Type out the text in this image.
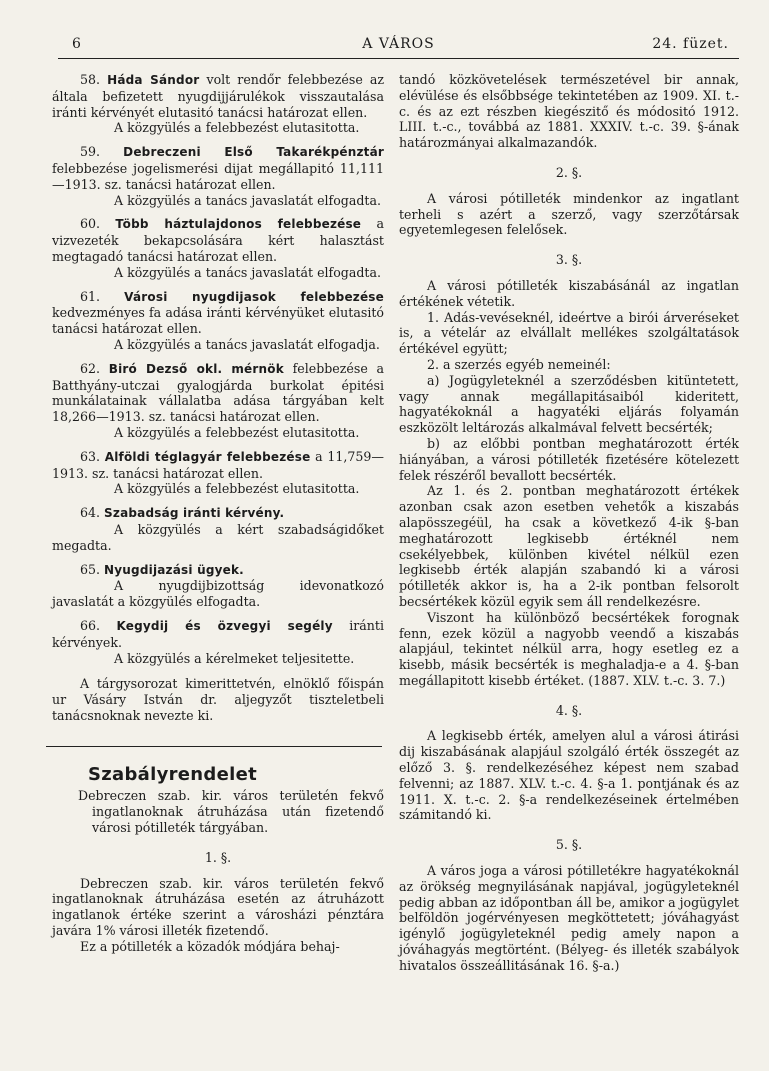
6	A VÁROS	24. füzet.

58. Háda Sándor volt rendőr felebbezése az általa befizetett nyugdijjárulékok visszautalása iránti kérvényét elutasitó tanácsi határozat ellen.

A közgyülés a felebbezést elutasitotta.

59. Debreczeni Első Takarékpénztár felebbezése jogelismerési dijat megállapitó 11,111—1913. sz. tanácsi határozat ellen.

A közgyülés a tanács javaslatát elfogadta.

60. Több háztulajdonos felebbezése a vizvezeték bekapcsolására kért halasztást megtagadó tanácsi határozat ellen.

A közgyülés a tanács javaslatát elfogadta.

61. Városi nyugdijasok felebbezése kedvezményes fa adása iránti kérvényüket elutasitó tanácsi határozat ellen.

A közgyülés a tanács javaslatát elfogadja.

62. Biró Dezső okl. mérnök felebbezése a Batthyány-utczai gyalogjárda burkolat épitési munkálatainak vállalatba adása tárgyában kelt 18,266—1913. sz. tanácsi határozat ellen.

A közgyülés a felebbezést elutasitotta.

63. Alföldi téglagyár felebbezése a 11,759—1913. sz. tanácsi határozat ellen.

A közgyülés a felebbezést elutasitotta.

64. Szabadság iránti kérvény.

A közgyülés a kért szabadságidőket megadta.

65. Nyugdijazási ügyek.

A nyugdijbizottság idevonatkozó javaslatát a közgyülés elfogadta.

66. Kegydij és özvegyi segély iránti kérvények.

A közgyülés a kérelmeket teljesitette.

A tárgysorozat kimerittetvén, elnöklő főispán ur Vásáry István dr. aljegyzőt tiszteletbeli tanácsnoknak nevezte ki.

Szabályrendelet

Debreczen szab. kir. város területén fekvő ingatlanoknak átruházása után fizetendő városi pótilleték tárgyában.

1. §.

Debreczen szab. kir. város területén fekvő ingatlanoknak átruházása esetén az átruházott ingatlanok értéke szerint a városházi pénztára javára 1% városi illeték fizetendő.

Ez a pótilleték a közadók módjára behaj-

tandó közkövetelések természetével bir annak, elévülése és elsőbbsége tekintetében az 1909. XI. t.-c. és az ezt részben kiegészitő és módositó 1912. LIII. t.-c., továbbá az 1881. XXXIV. t.-c. 39. §-ának határozmányai alkalmazandók.

2. §.

A városi pótilleték mindenkor az ingatlant terheli s azért a szerző, vagy szerzőtársak egyetemlegesen felelősek.

3. §.

A városi pótilleték kiszabásánál az ingatlan értékének vétetik.

1. Adás-vevéseknél, ideértve a birói árveréseket is, a vételár az elvállalt mellékes szolgáltatások értékével együtt;

2. a szerzés egyéb nemeinél:

a) Jogügyleteknél a szerződésben kitüntetett, vagy annak megállapitásaiból kideritett, hagyatékoknál a hagyatéki eljárás folyamán eszközölt leltározás alkalmával felvett becsérték;

b) az előbbi pontban meghatározott érték hiányában, a városi pótilleték fizetésére kötelezett felek részéről bevallott becsérték.

Az 1. és 2. pontban meghatározott értékek azonban csak azon esetben vehetők a kiszabás alapösszegéül, ha csak a következő 4-ik §-ban meghatározott legkisebb értéknél nem csekélyebbek, különben kivétel nélkül ezen legkisebb érték alapján szabandó ki a városi pótilleték akkor is, ha a 2-ik pontban felsorolt becsértékek közül egyik sem áll rendelkezésre.

Viszont ha különböző becsértékek forognak fenn, ezek közül a nagyobb veendő a kiszabás alapjául, tekintet nélkül arra, hogy esetleg ez a kisebb, másik becsérték is meghaladja-e a 4. §-ban megállapitott kisebb értéket. (1887. XLV. t.-c. 3. 7.)

4. §.

A legkisebb érték, amelyen alul a városi átirási dij kiszabásának alapjául szolgáló érték összegét az előző 3. §. rendelkezéséhez képest nem szabad felvenni; az 1887. XLV. t.-c. 4. §-a 1. pontjának és az 1911. X. t.-c. 2. §-a rendelkezéseinek értelmében számitandó ki.

5. §.

A város joga a városi pótilletékre hagyatékoknál az örökség megnyilásának napjával, jogügyleteknél pedig abban az időpontban áll be, amikor a jogügylet belföldön jogérvényesen megköttetett; jóváhagyást igénylő jogügyleteknél pedig amely napon a jóváhagyás megtörtént. (Bélyeg- és illeték szabályok hivatalos összeállitásának 16. §-a.)
